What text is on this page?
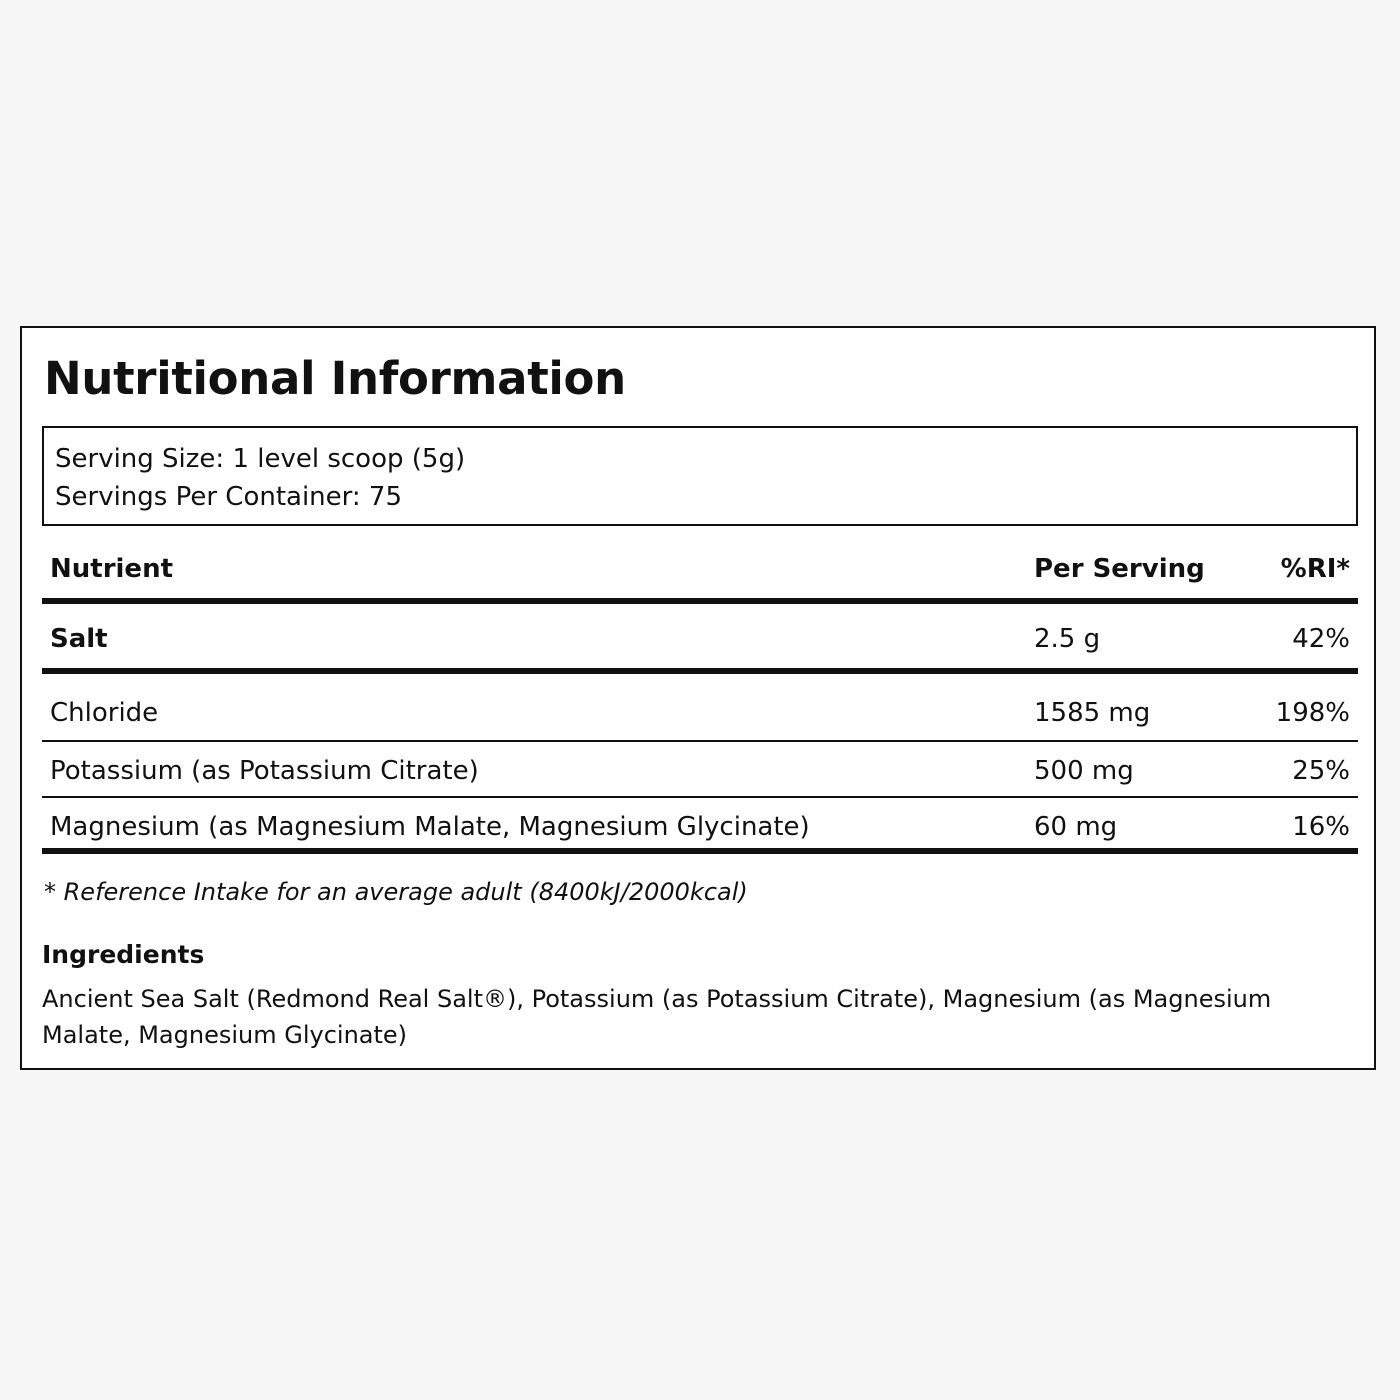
Nutritional Information
Serving Size: 1 level scoop (5g)
Servings Per Container: 75
Nutrient	Per Serving	%RI*
Salt	2.5 g	42%
Chloride	1585 mg	198%
Potassium (as Potassium Citrate)	500 mg	25%
Magnesium (as Magnesium Malate, Magnesium Glycinate)	60 mg	16%

* Reference Intake for an average adult (8400kJ/2000kcal)

Ingredients

Ancient Sea Salt (Redmond Real Salt®), Potassium (as Potassium Citrate), Magnesium (as Magnesium Malate, Magnesium Glycinate)
